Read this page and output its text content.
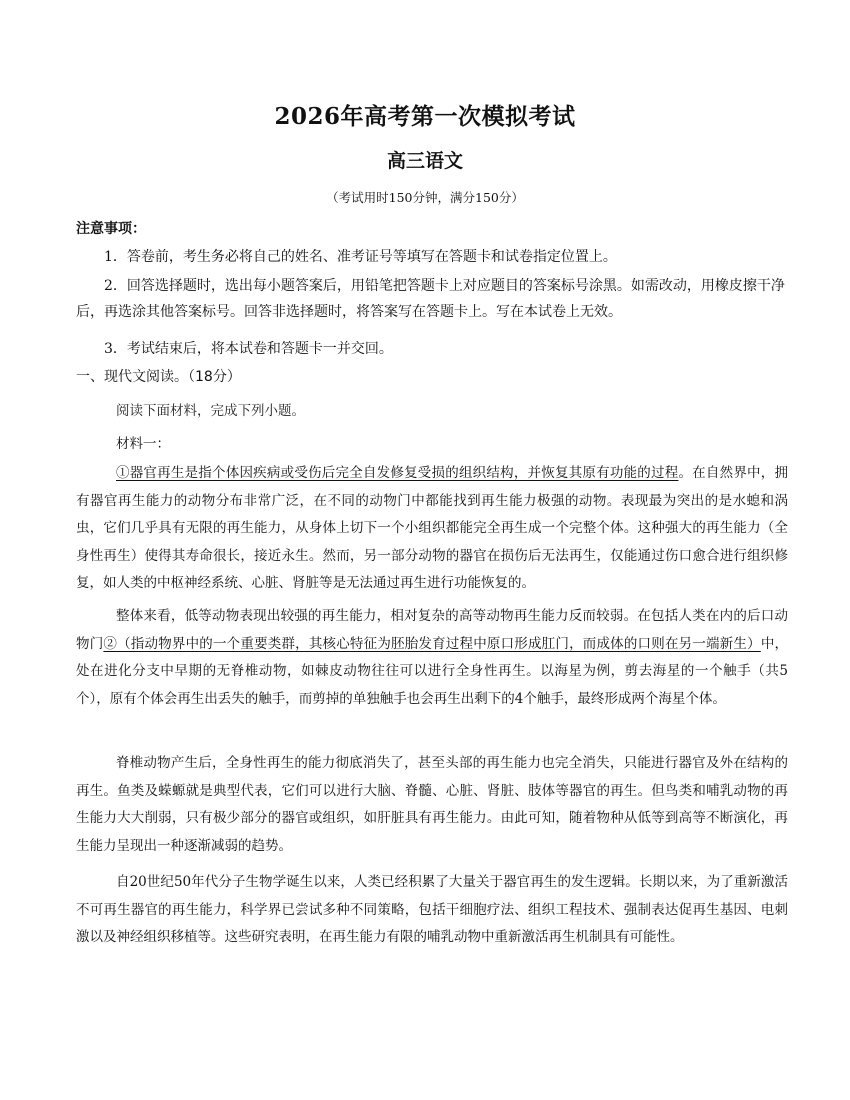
2026年高考第一次模拟考试
高三语文
（考试用时150分钟，满分150分）
注意事项：
1．答卷前，考生务必将自己的姓名、准考证号等填写在答题卡和试卷指定位置上。
2．回答选择题时，选出每小题答案后，用铅笔把答题卡上对应题目的答案标号涂黑。如需改动，用橡皮擦干净后，再选涂其他答案标号。回答非选择题时，将答案写在答题卡上。写在本试卷上无效。
3．考试结束后，将本试卷和答题卡一并交回。
一、现代文阅读。（18分）
阅读下面材料，完成下列小题。
材料一：
①器官再生是指个体因疾病或受伤后完全自发修复受损的组织结构，并恢复其原有功能的过程。在自然界中，拥有器官再生能力的动物分布非常广泛，在不同的动物门中都能找到再生能力极强的动物。表现最为突出的是水螅和涡虫，它们几乎具有无限的再生能力，从身体上切下一个小组织都能完全再生成一个完整个体。这种强大的再生能力（全身性再生）使得其寿命很长，接近永生。然而，另一部分动物的器官在损伤后无法再生，仅能通过伤口愈合进行组织修复，如人类的中枢神经系统、心脏、肾脏等是无法通过再生进行功能恢复的。
整体来看，低等动物表现出较强的再生能力，相对复杂的高等动物再生能力反而较弱。在包括人类在内的后口动物门②（指动物界中的一个重要类群，其核心特征为胚胎发育过程中原口形成肛门，而成体的口则在另一端新生）中，处在进化分支中早期的无脊椎动物，如棘皮动物往往可以进行全身性再生。以海星为例，剪去海星的一个触手（共5个），原有个体会再生出丢失的触手，而剪掉的单独触手也会再生出剩下的4个触手，最终形成两个海星个体。
脊椎动物产生后，全身性再生的能力彻底消失了，甚至头部的再生能力也完全消失，只能进行器官及外在结构的再生。鱼类及蝾螈就是典型代表，它们可以进行大脑、脊髓、心脏、肾脏、肢体等器官的再生。但鸟类和哺乳动物的再生能力大大削弱，只有极少部分的器官或组织，如肝脏具有再生能力。由此可知，随着物种从低等到高等不断演化，再生能力呈现出一种逐渐减弱的趋势。
自20世纪50年代分子生物学诞生以来，人类已经积累了大量关于器官再生的发生逻辑。长期以来，为了重新激活不可再生器官的再生能力，科学界已尝试多种不同策略，包括干细胞疗法、组织工程技术、强制表达促再生基因、电刺激以及神经组织移植等。这些研究表明，在再生能力有限的哺乳动物中重新激活再生机制具有可能性。
